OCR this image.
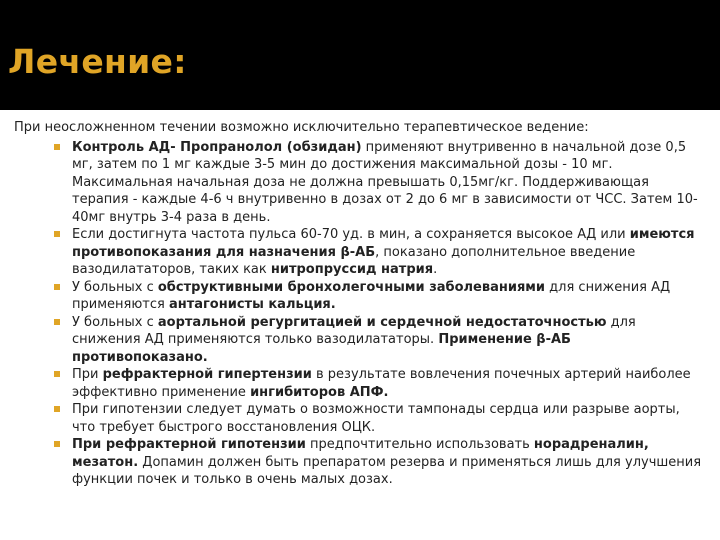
Лечение:

При неосложненном течении возможно исключительно терапевтическое ведение:

Контроль АД- Пропранолол (обзидан) применяют внутривенно в начальной дозе 0,5 мг, затем по 1 мг каждые 3-5 мин до достижения максимальной дозы - 10 мг. Максимальная начальная доза не должна превышать 0,15мг/кг. Поддерживающая терапия - каждые 4-6 ч внутривенно в дозах от 2 до 6 мг в зависимости от ЧСС. Затем 10-40мг внутрь 3-4 раза в день.
Если достигнута частота пульса 60-70 уд. в мин, а сохраняется высокое АД или имеются противопоказания для назначения β-АБ, показано дополнительное введение вазодилататоров, таких как нитропруссид натрия.
У больных с обструктивными бронхолегочными заболеваниями для снижения АД применяются антагонисты кальция.
У больных с аортальной регургитацией и сердечной недостаточностью для снижения АД применяются только вазодилататоры. Применение β-АБ противопоказано.
При рефрактерной гипертензии в результате вовлечения почечных артерий наиболее эффективно применение ингибиторов АПФ.
При гипотензии следует думать о возможности тампонады сердца или разрыве аорты, что требует быстрого восстановления ОЦК.
При рефрактерной гипотензии предпочтительно использовать норадреналин, мезатон. Допамин должен быть препаратом резерва и применяться лишь для улучшения функции почек и только в очень малых дозах.
